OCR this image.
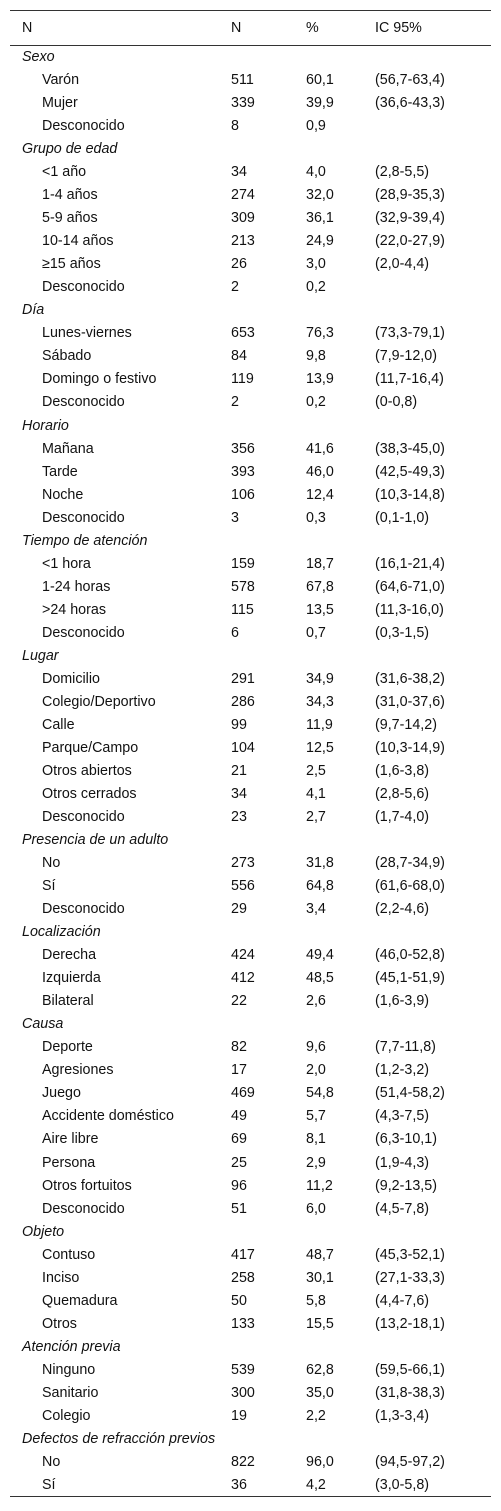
N	N	%	IC 95%
Sexo			
Varón	511	60,1	(56,7-63,4)
Mujer	339	39,9	(36,6-43,3)
Desconocido	8	0,9	
Grupo de edad			
<1 año	34	4,0	(2,8-5,5)
1-4 años	274	32,0	(28,9-35,3)
5-9 años	309	36,1	(32,9-39,4)
10-14 años	213	24,9	(22,0-27,9)
≥15 años	26	3,0	(2,0-4,4)
Desconocido	2	0,2	
Día			
Lunes-viernes	653	76,3	(73,3-79,1)
Sábado	84	9,8	(7,9-12,0)
Domingo o festivo	119	13,9	(11,7-16,4)
Desconocido	2	0,2	(0-0,8)
Horario			
Mañana	356	41,6	(38,3-45,0)
Tarde	393	46,0	(42,5-49,3)
Noche	106	12,4	(10,3-14,8)
Desconocido	3	0,3	(0,1-1,0)
Tiempo de atención			
<1 hora	159	18,7	(16,1-21,4)
1-24 horas	578	67,8	(64,6-71,0)
>24 horas	115	13,5	(11,3-16,0)
Desconocido	6	0,7	(0,3-1,5)
Lugar			
Domicilio	291	34,9	(31,6-38,2)
Colegio/Deportivo	286	34,3	(31,0-37,6)
Calle	99	11,9	(9,7-14,2)
Parque/Campo	104	12,5	(10,3-14,9)
Otros abiertos	21	2,5	(1,6-3,8)
Otros cerrados	34	4,1	(2,8-5,6)
Desconocido	23	2,7	(1,7-4,0)
Presencia de un adulto			
No	273	31,8	(28,7-34,9)
Sí	556	64,8	(61,6-68,0)
Desconocido	29	3,4	(2,2-4,6)
Localización			
Derecha	424	49,4	(46,0-52,8)
Izquierda	412	48,5	(45,1-51,9)
Bilateral	22	2,6	(1,6-3,9)
Causa			
Deporte	82	9,6	(7,7-11,8)
Agresiones	17	2,0	(1,2-3,2)
Juego	469	54,8	(51,4-58,2)
Accidente doméstico	49	5,7	(4,3-7,5)
Aire libre	69	8,1	(6,3-10,1)
Persona	25	2,9	(1,9-4,3)
Otros fortuitos	96	11,2	(9,2-13,5)
Desconocido	51	6,0	(4,5-7,8)
Objeto			
Contuso	417	48,7	(45,3-52,1)
Inciso	258	30,1	(27,1-33,3)
Quemadura	50	5,8	(4,4-7,6)
Otros	133	15,5	(13,2-18,1)
Atención previa			
Ninguno	539	62,8	(59,5-66,1)
Sanitario	300	35,0	(31,8-38,3)
Colegio	19	2,2	(1,3-3,4)
Defectos de refracción previos			
No	822	96,0	(94,5-97,2)
Sí	36	4,2	(3,0-5,8)
